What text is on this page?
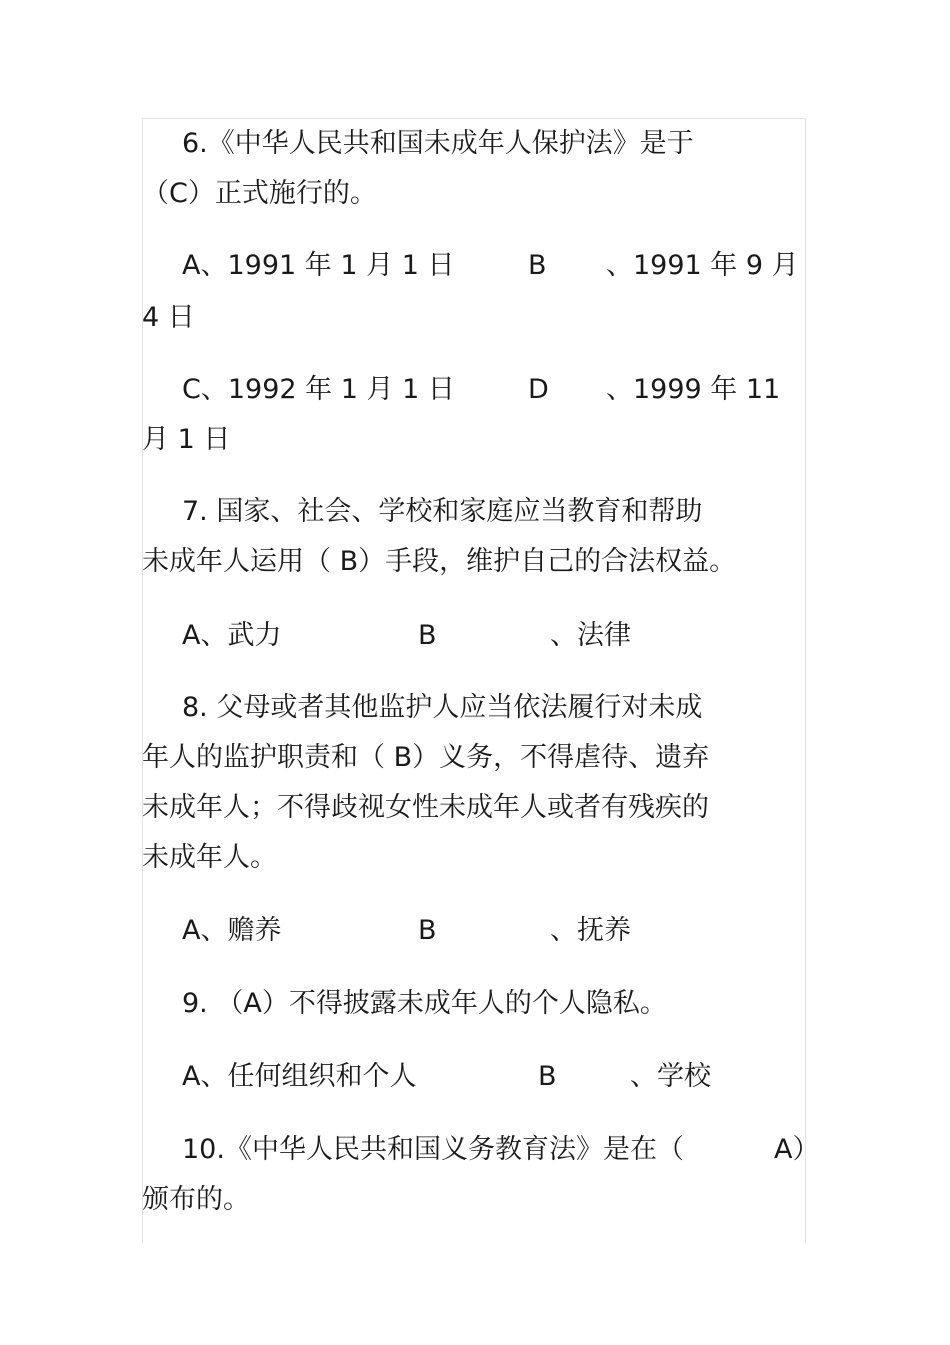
6.《中华人民共和国未成年人保护法》是于
（C）正式施行的。
A、1991 年 1 月 1 日	B 、1991 年 9 月
4 日
C、1992 年 1 月 1 日	D 、1999 年 11
月 1 日
7. 国家、社会、学校和家庭应当教育和帮助
未成年人运用（ B）手段，维护自己的合法权益。
A、武力	B	、法律
8. 父母或者其他监护人应当依法履行对未成
年人的监护职责和（ B）义务，不得虐待、遗弃
未成年人；不得歧视女性未成年人或者有残疾的
未成年人。
A、赡养	B	、抚养
9. （A）不得披露未成年人的个人隐私。
A、任何组织和个人	B	、学校
10.《中华人民共和国义务教育法》是在（	A）
颁布的。
